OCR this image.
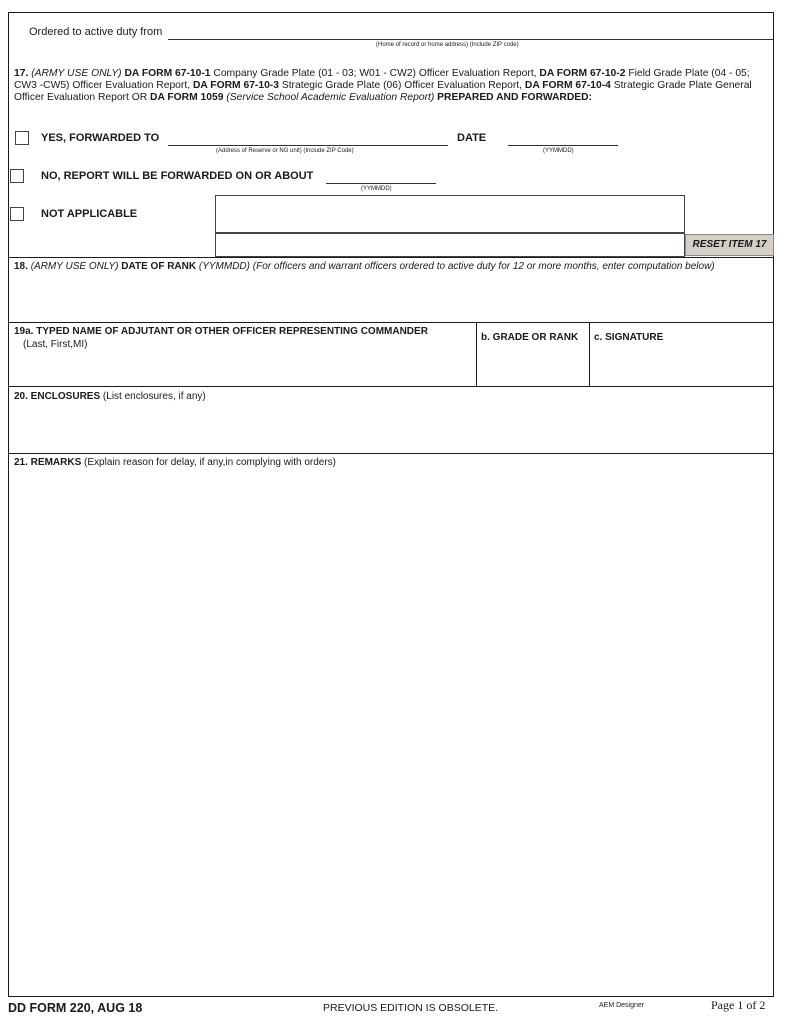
Ordered to active duty from
(Home of record or home address) (Include ZIP code)
17. (ARMY USE ONLY) DA FORM 67-10-1 Company Grade Plate (01 - 03; W01 - CW2) Officer Evaluation Report, DA FORM 67-10-2 Field Grade Plate (04 - 05; CW3 -CW5) Officer Evaluation Report, DA FORM 67-10-3 Strategic Grade Plate (06) Officer Evaluation Report, DA FORM 67-10-4 Strategic Grade Plate General Officer Evaluation Report OR DA FORM 1059 (Service School Academic Evaluation Report) PREPARED AND FORWARDED:
YES, FORWARDED TO
(Address of Reserve or NG unit) (Include ZIP Code)
DATE
(YYMMDD)
NO, REPORT WILL BE FORWARDED ON OR ABOUT
(YYMMDD)
NOT APPLICABLE
RESET ITEM 17
18. (ARMY USE ONLY) DATE OF RANK (YYMMDD) (For officers and warrant officers ordered to active duty for 12 or more months, enter computation below)
19a. TYPED NAME OF ADJUTANT OR OTHER OFFICER REPRESENTING COMMANDER
(Last, First,MI)
b. GRADE OR RANK c. SIGNATURE
20. ENCLOSURES (List enclosures, if any)
21. REMARKS (Explain reason for delay, if any,in complying with orders)
DD FORM 220, AUG 18	PREVIOUS EDITION IS OBSOLETE.	AEM Designer	Page 1 of 2
